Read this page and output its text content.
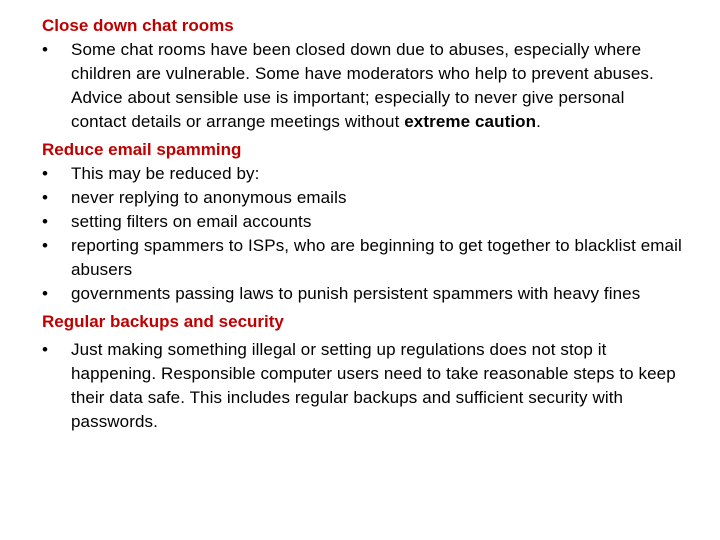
Close down chat rooms
•	Some chat rooms have been closed down due to abuses, especially where children are vulnerable. Some have moderators who help to prevent abuses. Advice about sensible use is important; especially to never give personal contact details or arrange meetings without extreme caution.
Reduce email spamming
•	This may be reduced by:
•	never replying to anonymous emails
•	setting filters on email accounts
•	reporting spammers to ISPs, who are beginning to get together to blacklist email abusers
•	governments passing laws to punish persistent spammers with heavy fines
Regular backups and security
•	Just making something illegal or setting up regulations does not stop it happening. Responsible computer users need to take reasonable steps to keep their data safe. This includes regular backups and sufficient security with passwords.
